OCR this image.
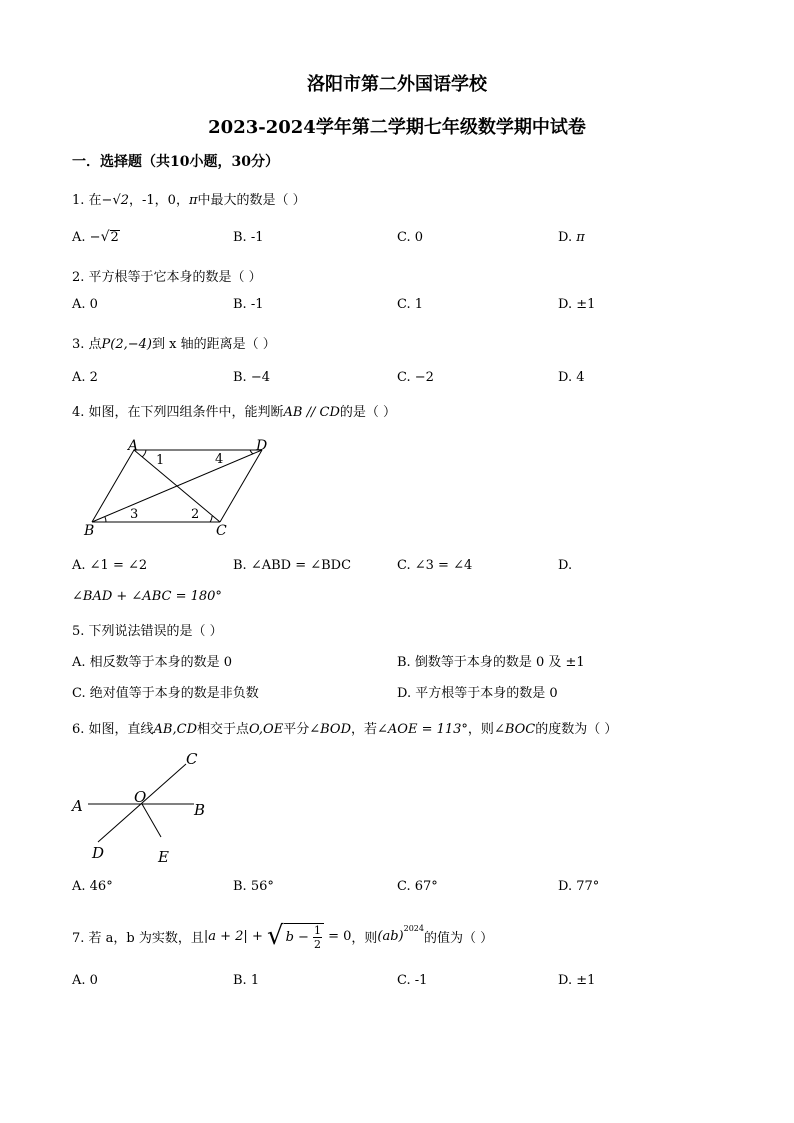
洛阳市第二外国语学校
2023-2024学年第二学期七年级数学期中试卷
一．选择题（共10小题，30分）
1. 在−√2，-1，0，π中最大的数是（ ）
A. −√2	B. -1	C. 0	D. π
2. 平方根等于它本身的数是（ ）
A. 0	B. -1	C. 1	D. ±1
3. 点P(2,−4)到 x 轴的距离是（ ）
A. 2	B. −4	C. −2	D. 4
4. 如图，在下列四组条件中，能判断AB // CD的是（ ）
A	D
B	C
1	4
3	2
A. ∠1 = ∠2	B. ∠ABD = ∠BDC	C. ∠3 = ∠4	D.
∠BAD + ∠ABC = 180°
5. 下列说法错误的是（ ）
A. 相反数等于本身的数是 0	B. 倒数等于本身的数是 0 及 ±1
C. 绝对值等于本身的数是非负数	D. 平方根等于本身的数是 0
6. 如图，直线AB,CD相交于点O,OE平分∠BOD，若∠AOE = 113°，则∠BOC的度数为（ ）
A	B
C
D	E
O
A. 46°	B. 56°	C. 67°	D. 77°
7. 若 a，b 为实数，且 |a + 2| + √ $b - \frac{1}{2} = 0$ ，则 (ab)
2024
的值为（ ）
A. 0	B. 1	C. -1	D. ±1
